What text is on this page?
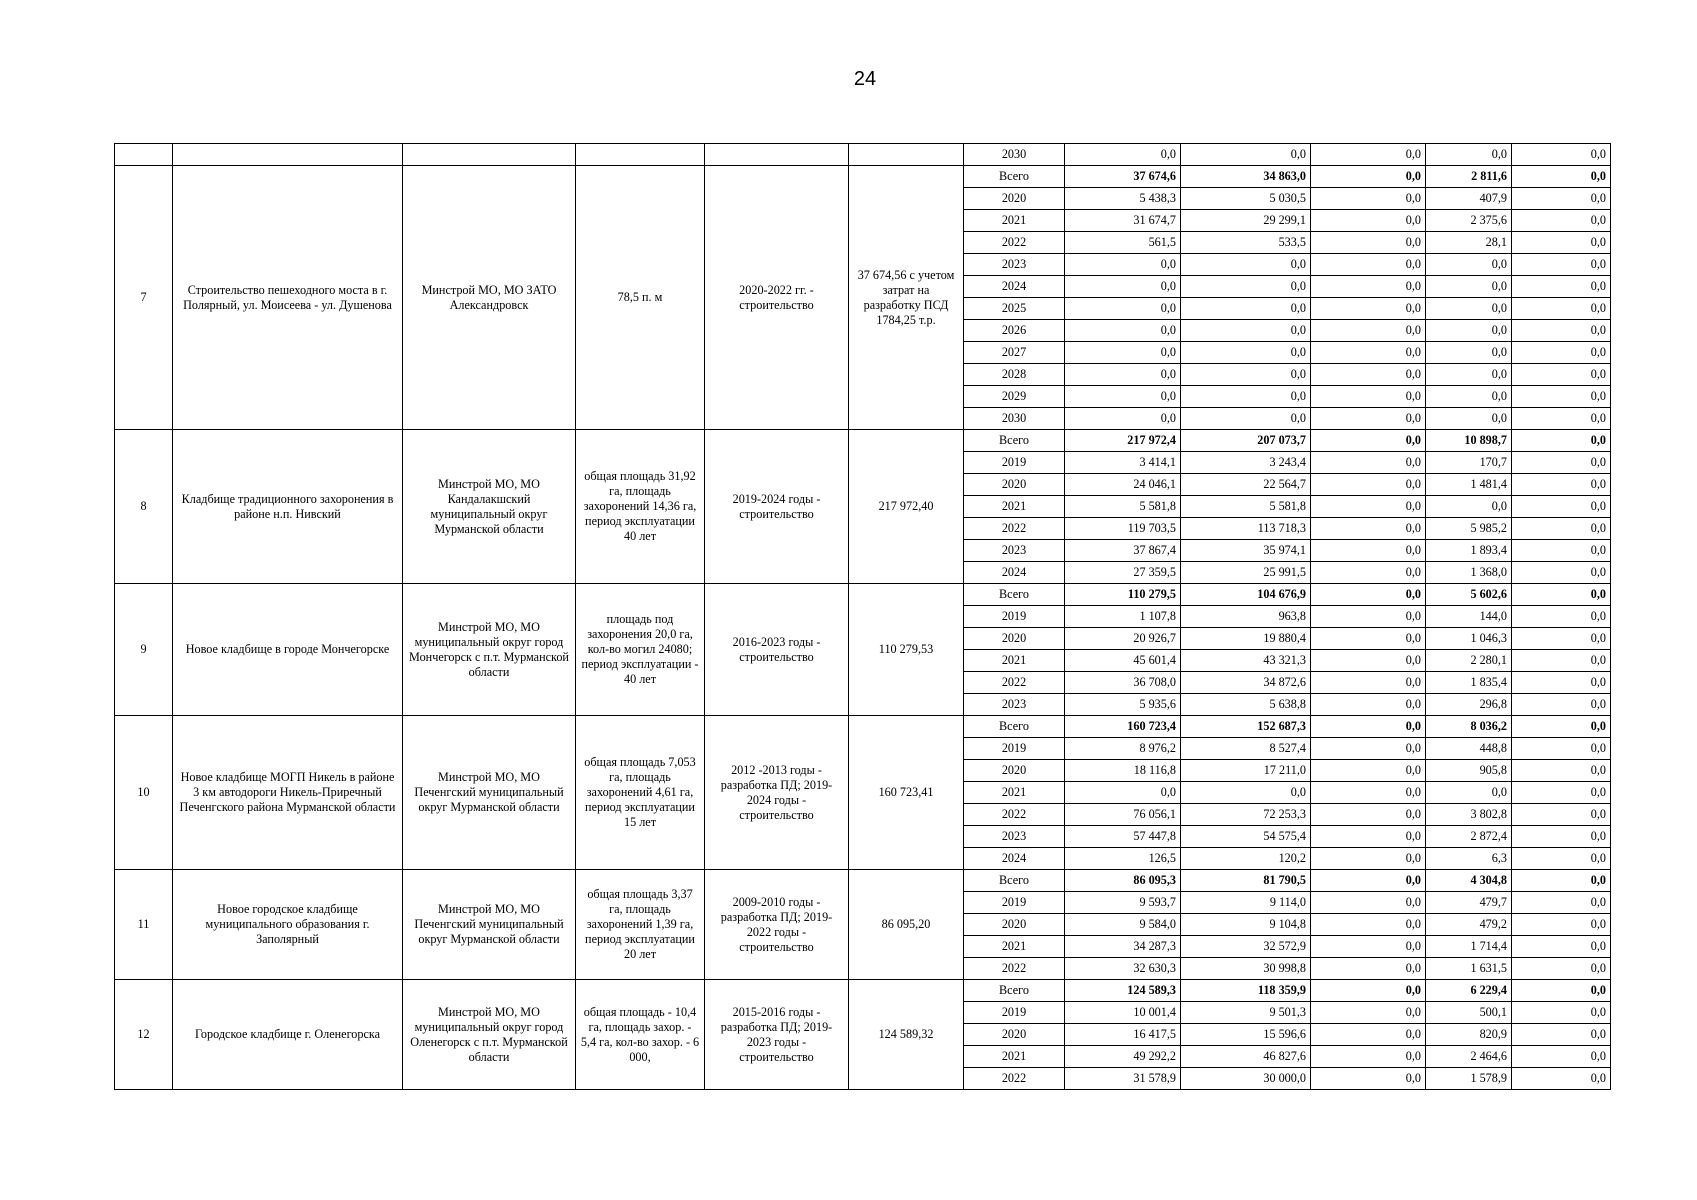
24
						2030	0,0	0,0	0,0	0,0	0,0
7	Строительство пешеходного моста в г. Полярный, ул. Моисеева - ул. Душенова	Минстрой МО, МО ЗАТО Александровск	78,5 п. м	2020-2022 гг. - строительство	37 674,56 с учетом затрат на разработку ПСД 1784,25 т.р.	Всего	37 674,6	34 863,0	0,0	2 811,6	0,0
						2020	5 438,3	5 030,5	0,0	407,9	0,0
						2021	31 674,7	29 299,1	0,0	2 375,6	0,0
						2022	561,5	533,5	0,0	28,1	0,0
						2023	0,0	0,0	0,0	0,0	0,0
						2024	0,0	0,0	0,0	0,0	0,0
						2025	0,0	0,0	0,0	0,0	0,0
						2026	0,0	0,0	0,0	0,0	0,0
						2027	0,0	0,0	0,0	0,0	0,0
						2028	0,0	0,0	0,0	0,0	0,0
						2029	0,0	0,0	0,0	0,0	0,0
						2030	0,0	0,0	0,0	0,0	0,0
8	Кладбище традиционного захоронения в районе н.п. Нивский	Минстрой МО, МО Кандалакшский муниципальный округ Мурманской области	общая площадь 31,92 га, площадь захоронений 14,36 га, период эксплуатации 40 лет	2019-2024 годы - строительство	217 972,40	Всего	217 972,4	207 073,7	0,0	10 898,7	0,0
						2019	3 414,1	3 243,4	0,0	170,7	0,0
						2020	24 046,1	22 564,7	0,0	1 481,4	0,0
						2021	5 581,8	5 581,8	0,0	0,0	0,0
						2022	119 703,5	113 718,3	0,0	5 985,2	0,0
						2023	37 867,4	35 974,1	0,0	1 893,4	0,0
						2024	27 359,5	25 991,5	0,0	1 368,0	0,0
9	Новое кладбище в городе Мончегорске	Минстрой МО, МО муниципальный округ город Мончегорск с п.т. Мурманской области	площадь под захоронения 20,0 га, кол-во могил 24080; период эксплуатации - 40 лет	2016-2023 годы - строительство	110 279,53	Всего	110 279,5	104 676,9	0,0	5 602,6	0,0
						2019	1 107,8	963,8	0,0	144,0	0,0
						2020	20 926,7	19 880,4	0,0	1 046,3	0,0
						2021	45 601,4	43 321,3	0,0	2 280,1	0,0
						2022	36 708,0	34 872,6	0,0	1 835,4	0,0
						2023	5 935,6	5 638,8	0,0	296,8	0,0
10	Новое кладбище МОГП Никель в районе 3 км автодороги Никель-Приречный Печенгского района Мурманской области	Минстрой МО, МО Печенгский муниципальный округ Мурманской области	общая площадь 7,053 га, площадь захоронений 4,61 га, период эксплуатации 15 лет	2012 -2013 годы - разработка ПД; 2019-2024 годы - строительство	160 723,41	Всего	160 723,4	152 687,3	0,0	8 036,2	0,0
						2019	8 976,2	8 527,4	0,0	448,8	0,0
						2020	18 116,8	17 211,0	0,0	905,8	0,0
						2021	0,0	0,0	0,0	0,0	0,0
						2022	76 056,1	72 253,3	0,0	3 802,8	0,0
						2023	57 447,8	54 575,4	0,0	2 872,4	0,0
						2024	126,5	120,2	0,0	6,3	0,0
11	Новое городское кладбище муниципального образования г. Заполярный	Минстрой МО, МО Печенгский муниципальный округ Мурманской области	общая площадь 3,37 га, площадь захоронений 1,39 га, период эксплуатации 20 лет	2009-2010 годы - разработка ПД; 2019-2022 годы - строительство	86 095,20	Всего	86 095,3	81 790,5	0,0	4 304,8	0,0
						2019	9 593,7	9 114,0	0,0	479,7	0,0
						2020	9 584,0	9 104,8	0,0	479,2	0,0
						2021	34 287,3	32 572,9	0,0	1 714,4	0,0
						2022	32 630,3	30 998,8	0,0	1 631,5	0,0
12	Городское кладбище г. Оленегорска	Минстрой МО, МО муниципальный округ город Оленегорск с п.т. Мурманской области	общая площадь - 10,4 га, площадь захор. - 5,4 га, кол-во захор. - 6 000,	2015-2016 годы - разработка ПД; 2019-2023 годы - строительство	124 589,32	Всего	124 589,3	118 359,9	0,0	6 229,4	0,0
						2019	10 001,4	9 501,3	0,0	500,1	0,0
						2020	16 417,5	15 596,6	0,0	820,9	0,0
						2021	49 292,2	46 827,6	0,0	2 464,6	0,0
						2022	31 578,9	30 000,0	0,0	1 578,9	0,0
